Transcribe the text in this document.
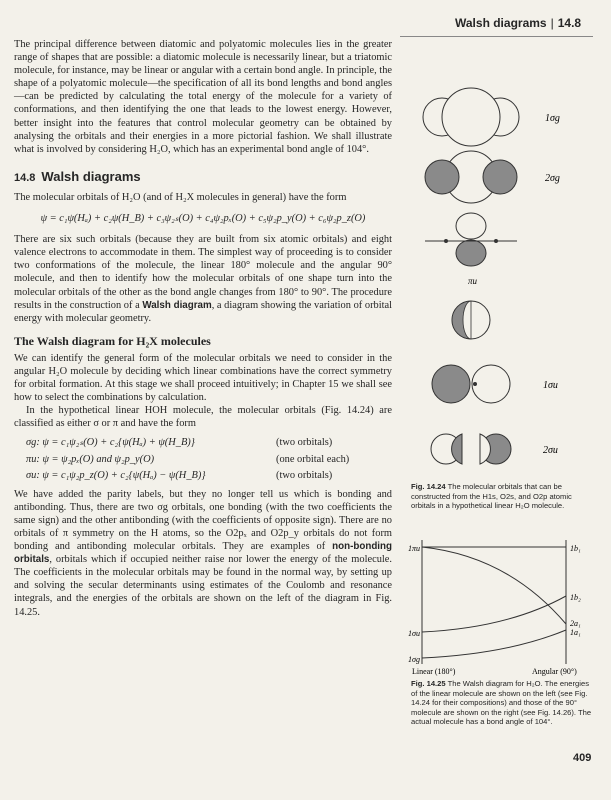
Walsh diagrams | 14.8

The principal difference between diatomic and polyatomic molecules lies in the greater range of shapes that are possible: a diatomic molecule is necessarily linear, but a triatomic molecule, for instance, may be linear or angular with a certain bond angle. In principle, the shape of a polyatomic molecule—the specification of all its bond lengths and bond angles—can be predicted by calculating the total energy of the molecule for a variety of conformations, and then identifying the one that leads to the lowest energy. However, better insight into the features that control molecular geometry can be obtained by analysing the orbitals and their energies in a more pictorial fashion. We shall illustrate what is involved by considering H₂O, which has an experimental bond angle of 104°.

14.8 Walsh diagrams

The molecular orbitals of H₂O (and of H₂X molecules in general) have the form

ψ = c₁ψ(Hₐ) + c₂ψ(H_B) + c₃ψ₂ₛ(O) + c₄ψ₂pₓ(O) + c₅ψ₂p_y(O) + c₆ψ₂p_z(O)

There are six such orbitals (because they are built from six atomic orbitals) and eight valence electrons to accommodate in them. The simplest way of proceeding is to consider two conformations of the molecule, the linear 180° molecule and the angular 90° molecule, and then to identify how the molecular orbitals of one shape turn into the molecular orbitals of the other as the bond angle changes from 180° to 90°. The procedure results in the construction of a Walsh diagram, a diagram showing the variation of orbital energy with molecular geometry.

The Walsh diagram for H₂X molecules

We can identify the general form of the molecular orbitals we need to consider in the angular H₂O molecule by deciding which linear combinations have the correct symmetry for orbital formation. At this stage we shall proceed intuitively; in Chapter 15 we shall see how to select the combinations by calculation.

In the hypothetical linear HOH molecule, the molecular orbitals (Fig. 14.24) are classified as either σ or π and have the form

σg: ψ = c₁ψ₂ₛ(O) + c₂{ψ(Hₐ) + ψ(H_B)}	(two orbitals)
πu: ψ = ψ₂pₓ(O) and ψ₂p_y(O)	(one orbital each)
σu: ψ = c₁ψ₂p_z(O) + c₂{ψ(Hₐ) − ψ(H_B)}	(two orbitals)

We have added the parity labels, but they no longer tell us which is bonding and antibonding. Thus, there are two σg orbitals, one bonding (with the two coefficients the same sign) and the other antibonding (with the coefficients of opposite sign). There are no orbitals of π symmetry on the H atoms, so the O2pₓ and O2p_y orbitals do not form bonding and antibonding molecular orbitals. They are examples of non-bonding orbitals, orbitals which if occupied neither raise nor lower the energy of the molecule. The coefficients in the molecular orbitals may be found in the normal way, by setting up and solving the secular determinants using estimates of the Coulomb and resonance integrals, and the energies of the orbitals are shown on the left of the diagram in Fig. 14.25.

1σg
2σg
πu
1σu
2σu
Fig. 14.24 The molecular orbitals that can be constructed from the H1s, O2s, and O2p atomic orbitals in a hypothetical linear H₂O molecule.
1πu
1σu
1σg
1b₁
1b₂
2a₁
1a₁
Linear (180°)	Angular (90°)
Fig. 14.25 The Walsh diagram for H₂O. The energies of the linear molecule are shown on the left (see Fig. 14.24 for their compositions) and those of the 90° molecule are shown on the right (see Fig. 14.26). The actual molecule has a bond angle of 104°.
409
